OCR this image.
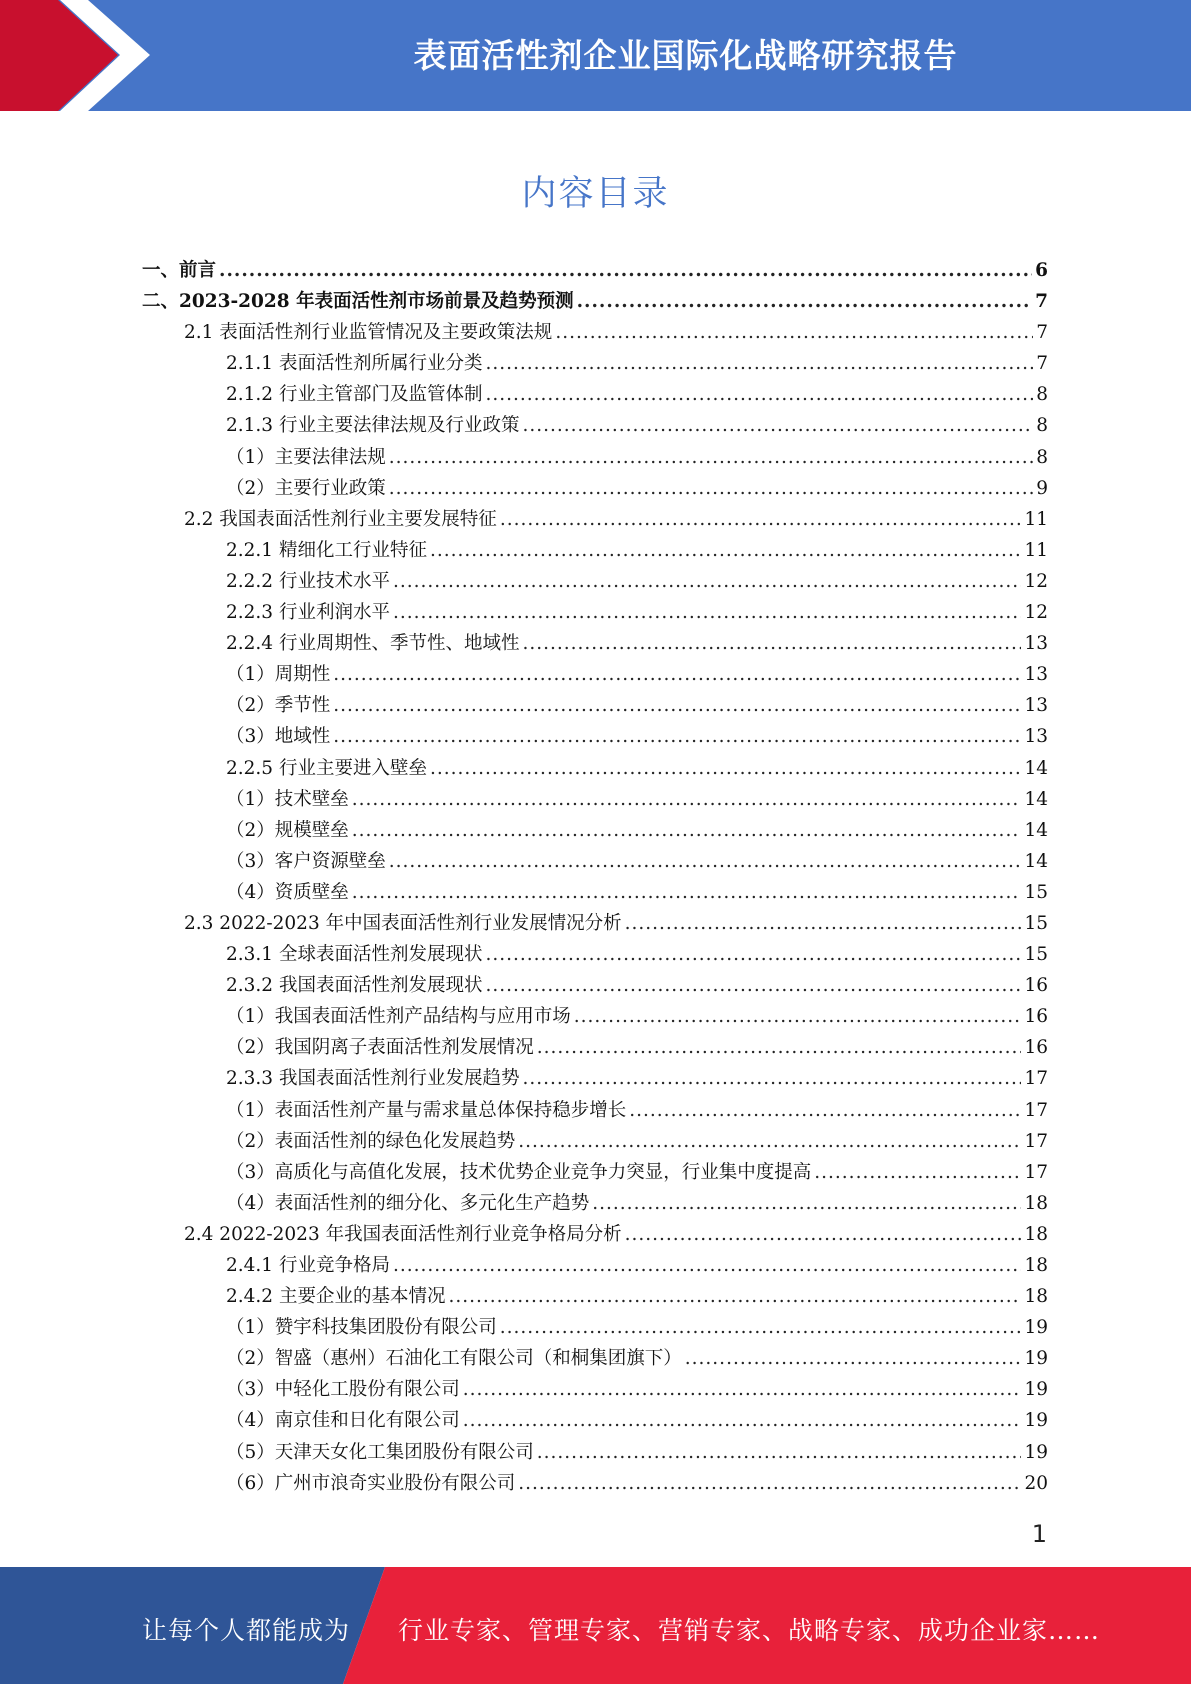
表面活性剂企业国际化战略研究报告
内容目录
一、前言 .....	6
二、2023-2028 年表面活性剂市场前景及趋势预测 .....	7
2.1 表面活性剂行业监管情况及主要政策法规 .....	7
2.1.1 表面活性剂所属行业分类 .....	7
2.1.2 行业主管部门及监管体制 .....	8
2.1.3 行业主要法律法规及行业政策 .....	8
（1）主要法律法规 .....	8
（2）主要行业政策 .....	9
2.2 我国表面活性剂行业主要发展特征 .....	11
2.2.1 精细化工行业特征 .....	11
2.2.2 行业技术水平 .....	12
2.2.3 行业利润水平 .....	12
2.2.4 行业周期性、季节性、地域性 .....	13
（1）周期性 .....	13
（2）季节性 .....	13
（3）地域性 .....	13
2.2.5 行业主要进入壁垒 .....	14
（1）技术壁垒 .....	14
（2）规模壁垒 .....	14
（3）客户资源壁垒 .....	14
（4）资质壁垒 .....	15
2.3 2022-2023 年中国表面活性剂行业发展情况分析 .....	15
2.3.1 全球表面活性剂发展现状 .....	15
2.3.2 我国表面活性剂发展现状 .....	16
（1）我国表面活性剂产品结构与应用市场 .....	16
（2）我国阴离子表面活性剂发展情况 .....	16
2.3.3 我国表面活性剂行业发展趋势 .....	17
（1）表面活性剂产量与需求量总体保持稳步增长 .....	17
（2）表面活性剂的绿色化发展趋势 .....	17
（3）高质化与高值化发展，技术优势企业竞争力突显，行业集中度提高 .....	17
（4）表面活性剂的细分化、多元化生产趋势 .....	18
2.4 2022-2023 年我国表面活性剂行业竞争格局分析 .....	18
2.4.1 行业竞争格局 .....	18
2.4.2 主要企业的基本情况 .....	18
（1）赞宇科技集团股份有限公司 .....	19
（2）智盛（惠州）石油化工有限公司（和桐集团旗下） .....	19
（3）中轻化工股份有限公司 .....	19
（4）南京佳和日化有限公司 .....	19
（5）天津天女化工集团股份有限公司 .....	19
（6）广州市浪奇实业股份有限公司 .....	20
1
让每个人都能成为 行业专家、管理专家、营销专家、战略专家、成功企业家……
